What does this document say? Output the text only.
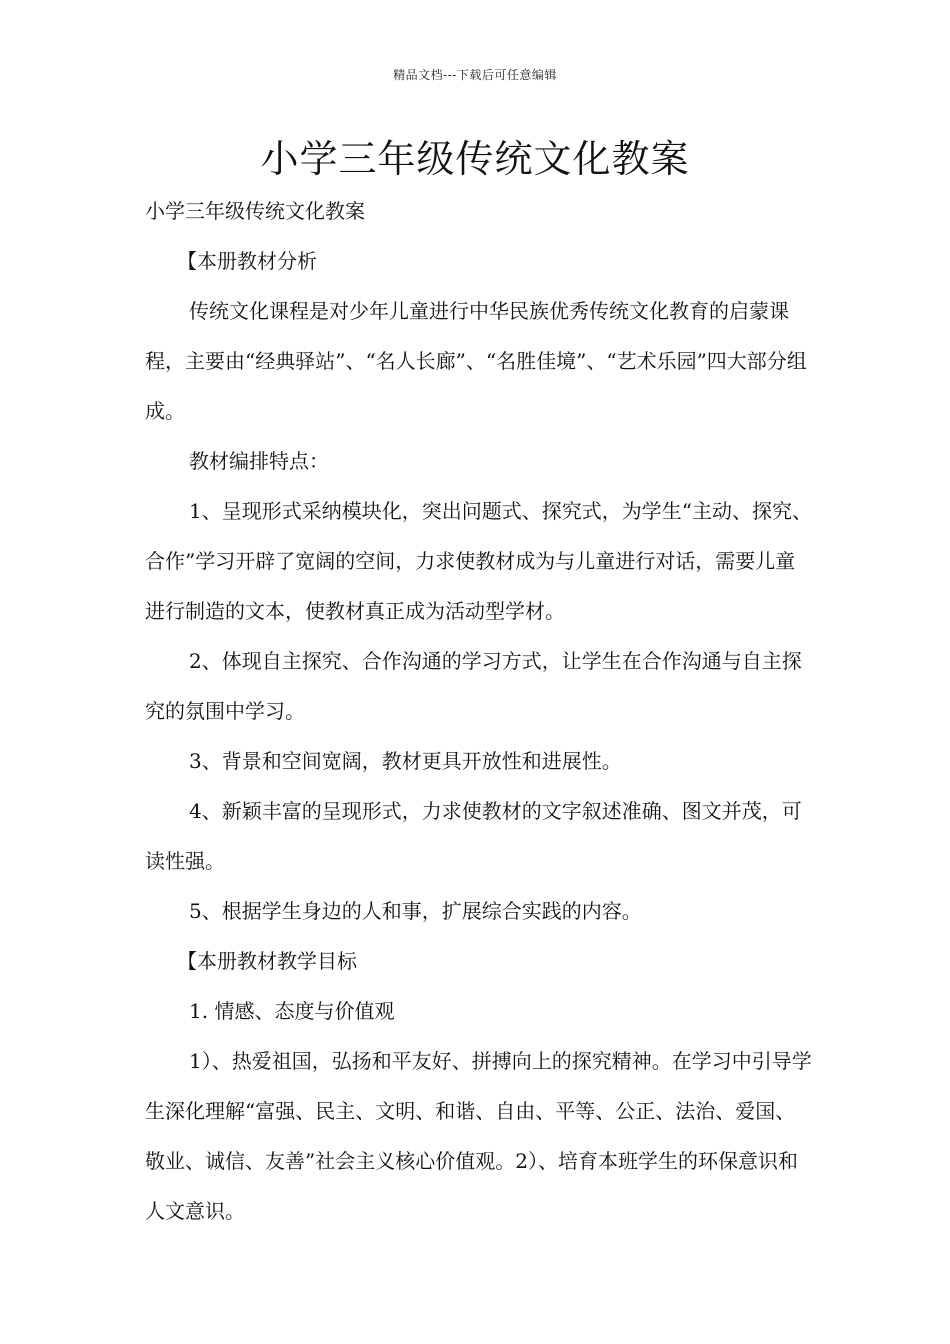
精品文档---下载后可任意编辑
小学三年级传统文化教案

小学三年级传统文化教案

【本册教材分析

传统文化课程是对少年儿童进行中华民族优秀传统文化教育的启蒙课程，主要由“经典驿站”、“名人长廊”、“名胜佳境”、“艺术乐园”四大部分组成。

教材编排特点：

1、呈现形式采纳模块化，突出问题式、探究式，为学生“主动、探究、合作”学习开辟了宽阔的空间，力求使教材成为与儿童进行对话，需要儿童进行制造的文本，使教材真正成为活动型学材。

2、体现自主探究、合作沟通的学习方式，让学生在合作沟通与自主探究的氛围中学习。

3、背景和空间宽阔，教材更具开放性和进展性。

4、新颖丰富的呈现形式，力求使教材的文字叙述准确、图文并茂，可读性强。

5、根据学生身边的人和事，扩展综合实践的内容。

【本册教材教学目标

1. 情感、态度与价值观

1）、热爱祖国，弘扬和平友好、拼搏向上的探究精神。在学习中引导学生深化理解“富强、民主、文明、和谐、自由、平等、公正、法治、爱国、敬业、诚信、友善”社会主义核心价值观。2）、培育本班学生的环保意识和人文意识。
